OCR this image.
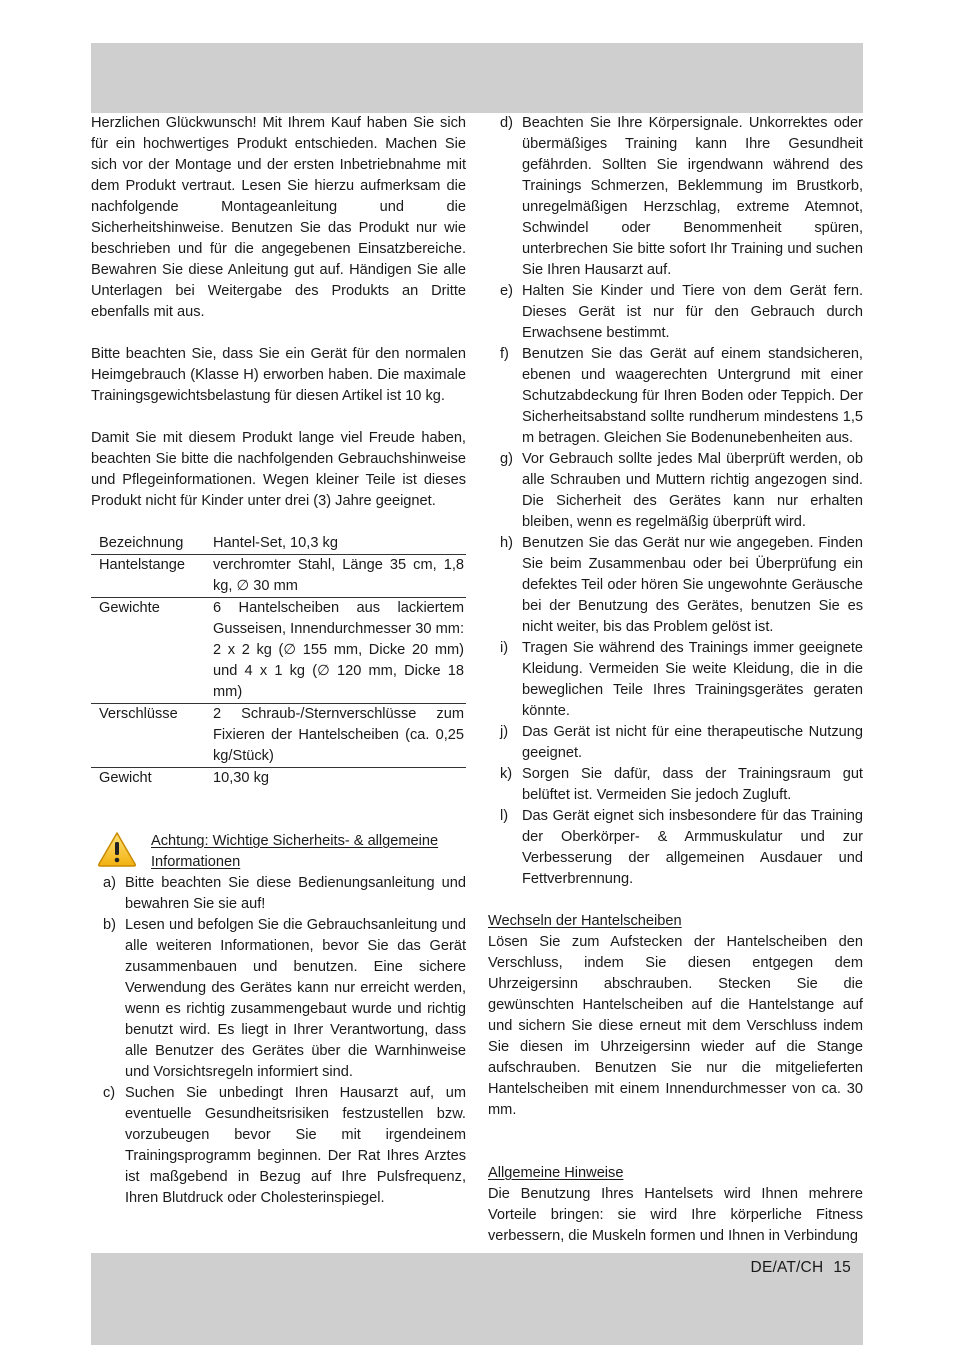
Herzlichen Glückwunsch! Mit Ihrem Kauf haben Sie sich für ein hochwertiges Produkt entschieden. Machen Sie sich vor der Montage und der ersten Inbetriebnahme mit dem Produkt vertraut. Lesen Sie hierzu aufmerksam die nachfolgende Montageanleitung und die Sicherheitshinweise. Benutzen Sie das Produkt nur wie beschrieben und für die angegebenen Einsatzbereiche. Bewahren Sie diese Anleitung gut auf. Händigen Sie alle Unterlagen bei Weitergabe des Produkts an Dritte ebenfalls mit aus.

Bitte beachten Sie, dass Sie ein Gerät für den normalen Heimgebrauch (Klasse H) erworben haben. Die maximale Trainingsgewichtsbelastung für diesen Artikel ist 10 kg.

Damit Sie mit diesem Produkt lange viel Freude haben, beachten Sie bitte die nachfolgenden Gebrauchshinweise und Pflegeinformationen. Wegen kleiner Teile ist dieses Produkt nicht für Kinder unter drei (3) Jahre geeignet.

Bezeichnung	Hantel-Set, 10,3 kg
Hantelstange	verchromter Stahl, Länge 35 cm, 1,8 kg, ∅ 30 mm
Gewichte	6 Hantelscheiben aus lackiertem Gusseisen, Innendurchmesser 30 mm: 2 x 2 kg (∅ 155 mm, Dicke 20 mm) und 4 x 1 kg (∅ 120 mm, Dicke 18 mm)
Verschlüsse	2 Schraub-/Sternverschlüsse zum Fixieren der Hantelscheiben (ca. 0,25 kg/Stück)
Gewicht	10,30 kg
Achtung: Wichtige Sicherheits- & allgemeine Informationen
a) Bitte beachten Sie diese Bedienungsanleitung und bewahren Sie sie auf!
b) Lesen und befolgen Sie die Gebrauchsanleitung und alle weiteren Informationen, bevor Sie das Gerät zusammenbauen und benutzen. Eine sichere Verwendung des Gerätes kann nur erreicht werden, wenn es richtig zusammengebaut wurde und richtig benutzt wird. Es liegt in Ihrer Verantwortung, dass alle Benutzer des Gerätes über die Warnhinweise und Vorsichtsregeln informiert sind.
c) Suchen Sie unbedingt Ihren Hausarzt auf, um eventuelle Gesundheitsrisiken festzustellen bzw. vorzubeugen bevor Sie mit irgendeinem Trainingsprogramm beginnen. Der Rat Ihres Arztes ist maßgebend in Bezug auf Ihre Pulsfrequenz, Ihren Blutdruck oder Cholesterinspiegel.
d) Beachten Sie Ihre Körpersignale. Unkorrektes oder übermäßiges Training kann Ihre Gesundheit gefährden. Sollten Sie irgendwann während des Trainings Schmerzen, Beklemmung im Brustkorb, unregelmäßigen Herzschlag, extreme Atemnot, Schwindel oder Benommenheit spüren, unterbrechen Sie bitte sofort Ihr Training und suchen Sie Ihren Hausarzt auf.
e) Halten Sie Kinder und Tiere von dem Gerät fern. Dieses Gerät ist nur für den Gebrauch durch Erwachsene bestimmt.
f) Benutzen Sie das Gerät auf einem standsicheren, ebenen und waagerechten Untergrund mit einer Schutzabdeckung für Ihren Boden oder Teppich. Der Sicherheitsabstand sollte rundherum mindestens 1,5 m betragen. Gleichen Sie Bodenunebenheiten aus.
g) Vor Gebrauch sollte jedes Mal überprüft werden, ob alle Schrauben und Muttern richtig angezogen sind. Die Sicherheit des Gerätes kann nur erhalten bleiben, wenn es regelmäßig überprüft wird.
h) Benutzen Sie das Gerät nur wie angegeben. Finden Sie beim Zusammenbau oder bei Überprüfung ein defektes Teil oder hören Sie ungewohnte Geräusche bei der Benutzung des Gerätes, benutzen Sie es nicht weiter, bis das Problem gelöst ist.
i) Tragen Sie während des Trainings immer geeignete Kleidung. Vermeiden Sie weite Kleidung, die in die beweglichen Teile Ihres Trainingsgerätes geraten könnte.
j) Das Gerät ist nicht für eine therapeutische Nutzung geeignet.
k) Sorgen Sie dafür, dass der Trainingsraum gut belüftet ist. Vermeiden Sie jedoch Zugluft.
l) Das Gerät eignet sich insbesondere für das Training der Oberkörper- & Armmuskulatur und zur Verbesserung der allgemeinen Ausdauer und Fettverbrennung.
Wechseln der Hantelscheiben

Lösen Sie zum Aufstecken der Hantelscheiben den Verschluss, indem Sie diesen entgegen dem Uhrzeigersinn abschrauben. Stecken Sie die gewünschten Hantelscheiben auf die Hantelstange auf und sichern Sie diese erneut mit dem Verschluss indem Sie diesen im Uhrzeigersinn wieder auf die Stange aufschrauben. Benutzen Sie nur die mitgelieferten Hantelscheiben mit einem Innendurchmesser von ca. 30 mm.

Allgemeine Hinweise

Die Benutzung Ihres Hantelsets wird Ihnen mehrere Vorteile bringen: sie wird Ihre körperliche Fitness verbessern, die Muskeln formen und Ihnen in Verbindung

DE/AT/CH 15
